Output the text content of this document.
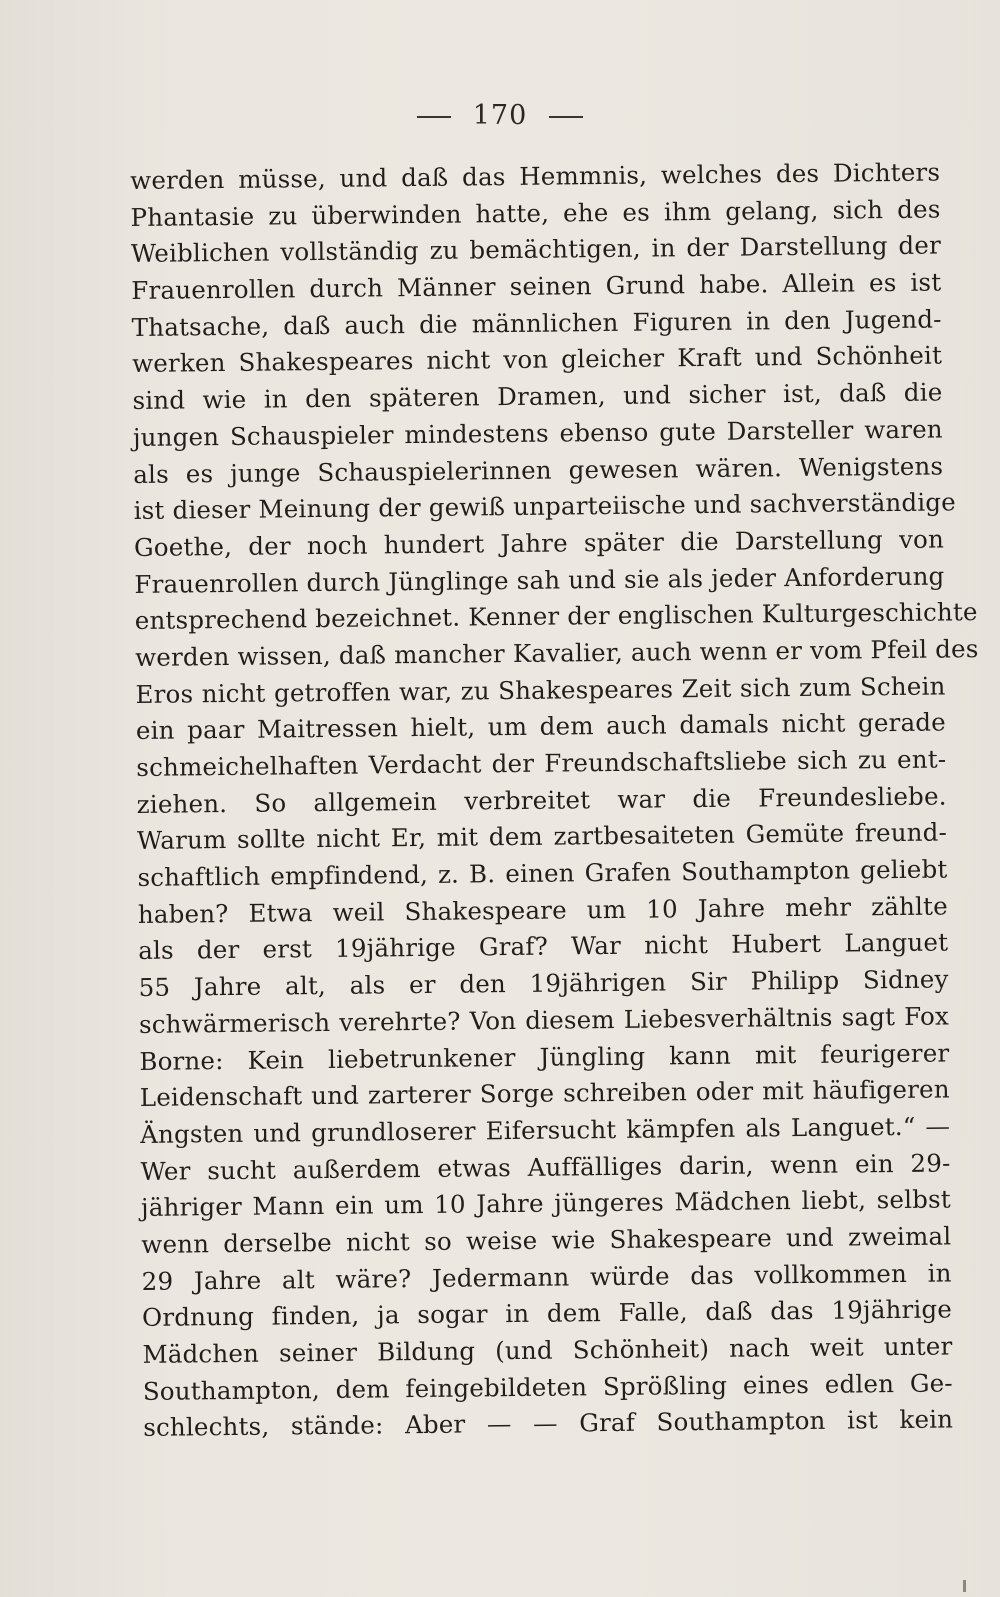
170
werden müsse, und daß das Hemmnis, welches des Dichters
Phantasie zu überwinden hatte, ehe es ihm gelang, sich des
Weiblichen vollständig zu bemächtigen, in der Darstellung der
Frauenrollen durch Männer seinen Grund habe. Allein es ist
Thatsache, daß auch die männlichen Figuren in den Jugend-
werken Shakespeares nicht von gleicher Kraft und Schönheit
sind wie in den späteren Dramen, und sicher ist, daß die
jungen Schauspieler mindestens ebenso gute Darsteller waren
als es junge Schauspielerinnen gewesen wären. Wenigstens
ist dieser Meinung der gewiß unparteiische und sachverständige
Goethe, der noch hundert Jahre später die Darstellung von
Frauenrollen durch Jünglinge sah und sie als jeder Anforderung
entsprechend bezeichnet. Kenner der englischen Kulturgeschichte
werden wissen, daß mancher Kavalier, auch wenn er vom Pfeil des
Eros nicht getroffen war, zu Shakespeares Zeit sich zum Schein
ein paar Maitressen hielt, um dem auch damals nicht gerade
schmeichelhaften Verdacht der Freundschaftsliebe sich zu ent-
ziehen. So allgemein verbreitet war die Freundesliebe.
Warum sollte nicht Er, mit dem zartbesaiteten Gemüte freund-
schaftlich empfindend, z. B. einen Grafen Southampton geliebt
haben? Etwa weil Shakespeare um 10 Jahre mehr zählte
als der erst 19jährige Graf? War nicht Hubert Languet
55 Jahre alt, als er den 19jährigen Sir Philipp Sidney
schwärmerisch verehrte? Von diesem Liebesverhältnis sagt Fox
Borne: Kein liebetrunkener Jüngling kann mit feurigerer
Leidenschaft und zarterer Sorge schreiben oder mit häufigeren
Ängsten und grundloserer Eifersucht kämpfen als Languet.“ —
Wer sucht außerdem etwas Auffälliges darin, wenn ein 29-
jähriger Mann ein um 10 Jahre jüngeres Mädchen liebt, selbst
wenn derselbe nicht so weise wie Shakespeare und zweimal
29 Jahre alt wäre? Jedermann würde das vollkommen in
Ordnung finden, ja sogar in dem Falle, daß das 19jährige
Mädchen seiner Bildung (und Schönheit) nach weit unter
Southampton, dem feingebildeten Sprößling eines edlen Ge-
schlechts, stände: Aber — — Graf Southampton ist kein
